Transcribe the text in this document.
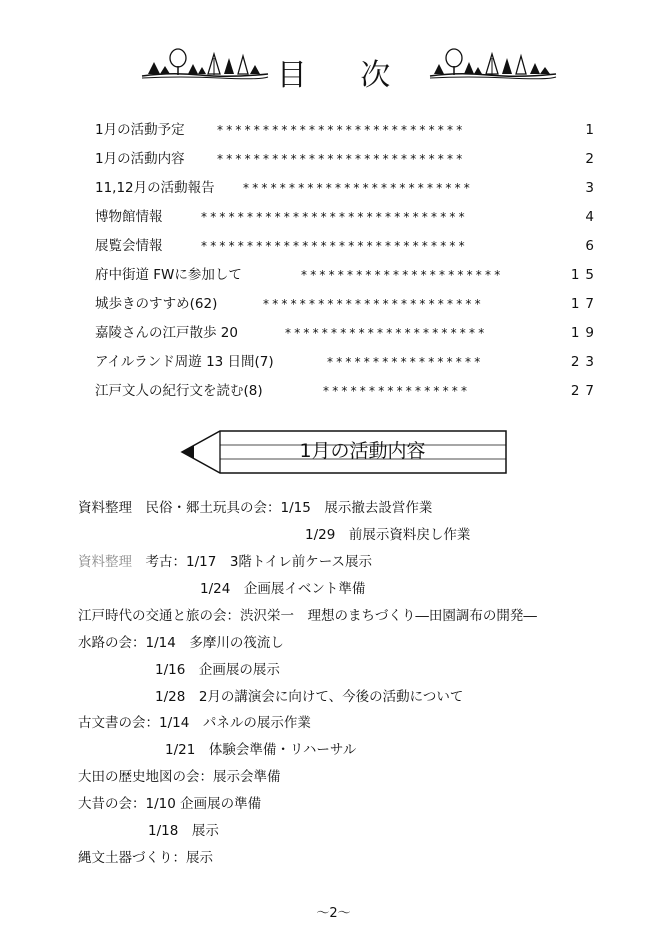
目 次
1月の活動予定	***************************	1
1月の活動内容	***************************	2
11,12月の活動報告 *************************	3
博物館情報	*****************************	4
展覧会情報	*****************************	6
府中街道 FWに参加して	**********************	15
城歩きのすすめ(62)	************************	17
嘉陵さんの江戸散歩 20	**********************	19
アイルランド周遊 13 日間(7)	*****************	23
江戸文人の紀行文を読む(8)	****************	27
1月の活動内容
資料整理　民俗・郷土玩具の会：1/15　展示撤去設営作業
1/29　前展示資料戻し作業
資料整理　考古：1/17　3階トイレ前ケース展示
1/24　企画展イベント準備
江戸時代の交通と旅の会：渋沢栄一　理想のまちづくり―田園調布の開発―
水路の会：1/14　多摩川の筏流し
1/16　企画展の展示
1/28　2月の講演会に向けて、今後の活動について
古文書の会：1/14　パネルの展示作業
1/21　体験会準備・リハーサル
大田の歴史地図の会：展示会準備
大昔の会：1/10 企画展の準備
1/18　展示
縄文土器づくり：展示
～2～
